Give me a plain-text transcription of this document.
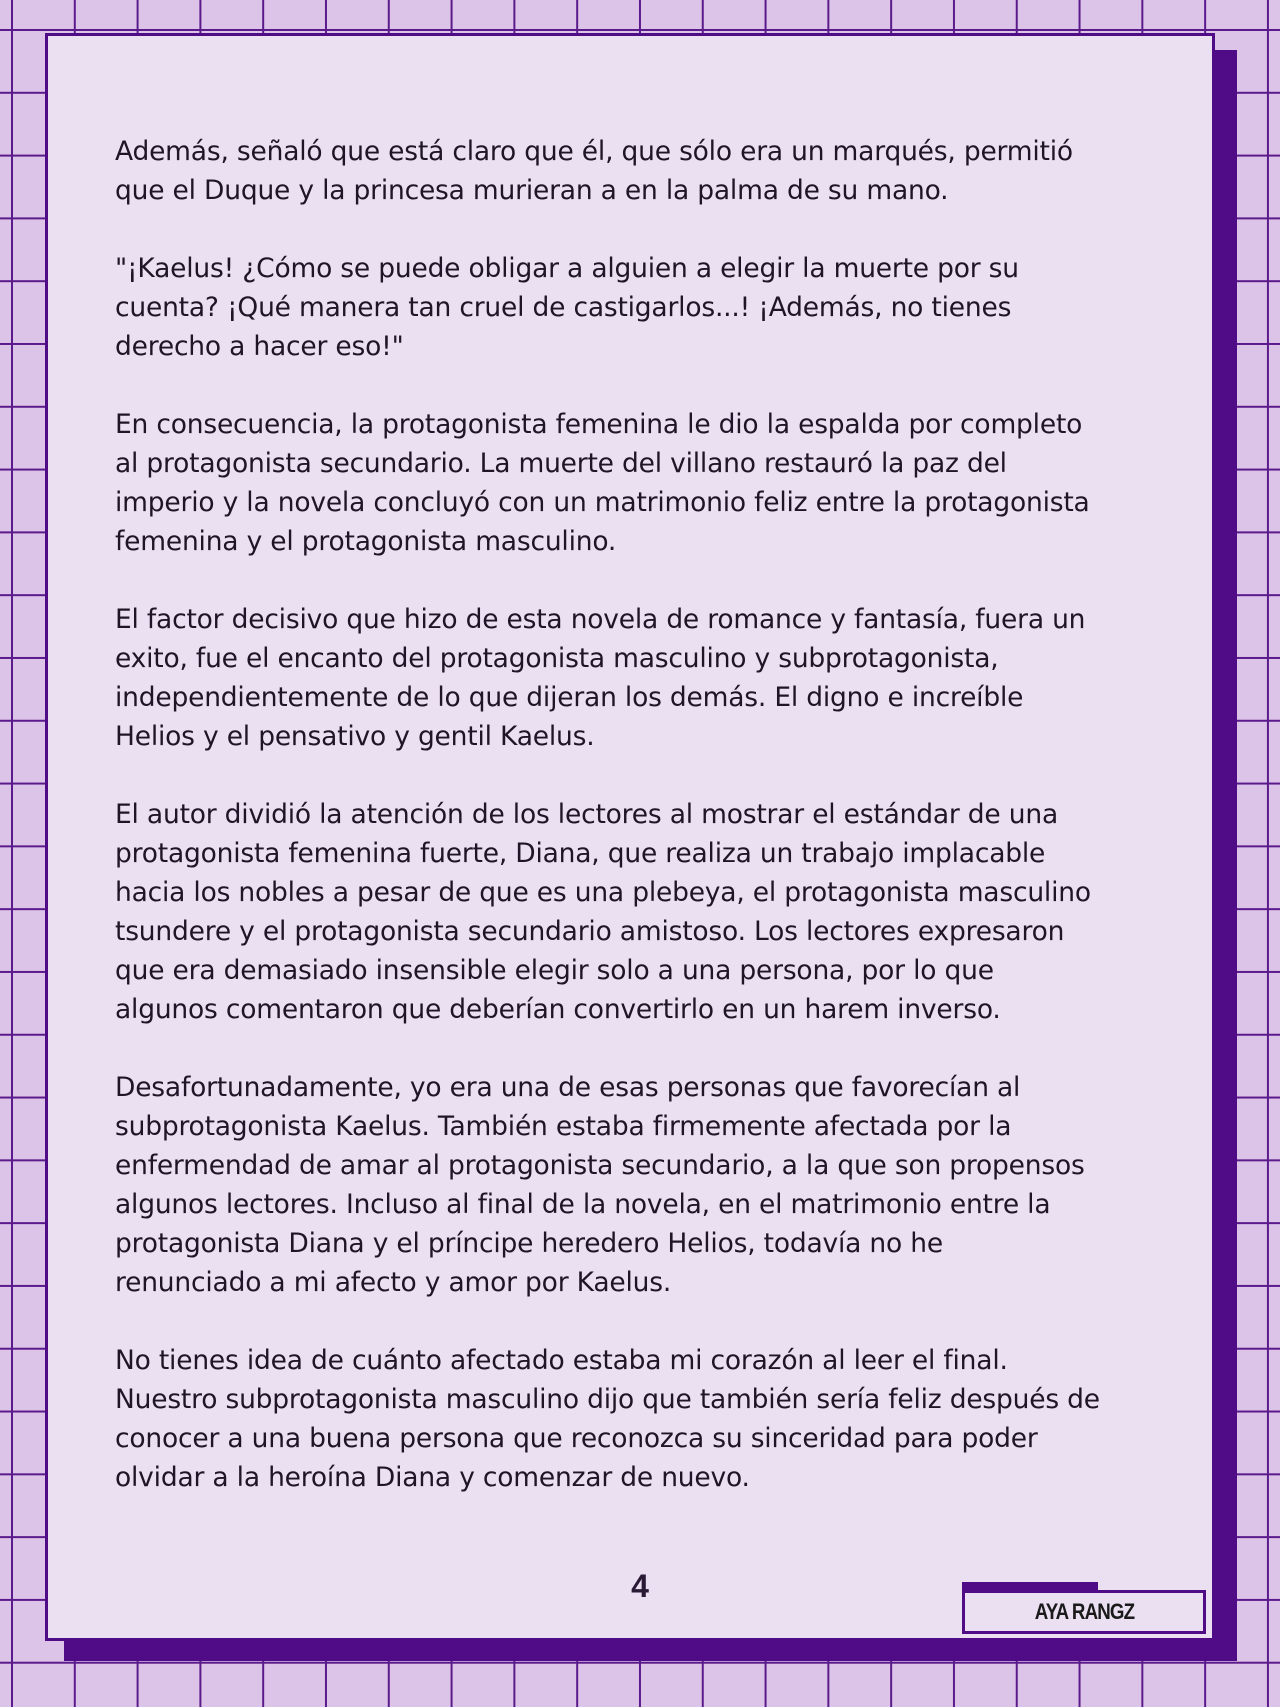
Además, señaló que está claro que él, que sólo era un marqués, permitió
que el Duque y la princesa murieran a en la palma de su mano.

"¡Kaelus! ¿Cómo se puede obligar a alguien a elegir la muerte por su
cuenta? ¡Qué manera tan cruel de castigarlos...! ¡Además, no tienes
derecho a hacer eso!"

En consecuencia, la protagonista femenina le dio la espalda por completo
al protagonista secundario. La muerte del villano restauró la paz del
imperio y la novela concluyó con un matrimonio feliz entre la protagonista
femenina y el protagonista masculino.

El factor decisivo que hizo de esta novela de romance y fantasía, fuera un
exito, fue el encanto del protagonista masculino y subprotagonista,
independientemente de lo que dijeran los demás. El digno e increíble
Helios y el pensativo y gentil Kaelus.

El autor dividió la atención de los lectores al mostrar el estándar de una
protagonista femenina fuerte, Diana, que realiza un trabajo implacable
hacia los nobles a pesar de que es una plebeya, el protagonista masculino
tsundere y el protagonista secundario amistoso. Los lectores expresaron
que era demasiado insensible elegir solo a una persona, por lo que
algunos comentaron que deberían convertirlo en un harem inverso.

Desafortunadamente, yo era una de esas personas que favorecían al
subprotagonista Kaelus. También estaba firmemente afectada por la
enfermendad de amar al protagonista secundario, a la que son propensos
algunos lectores. Incluso al final de la novela, en el matrimonio entre la
protagonista Diana y el príncipe heredero Helios, todavía no he
renunciado a mi afecto y amor por Kaelus.

No tienes idea de cuánto afectado estaba mi corazón al leer el final.
Nuestro subprotagonista masculino dijo que también sería feliz después de
conocer a una buena persona que reconozca su sinceridad para poder
olvidar a la heroína Diana y comenzar de nuevo.

4
AYA RANGZ
